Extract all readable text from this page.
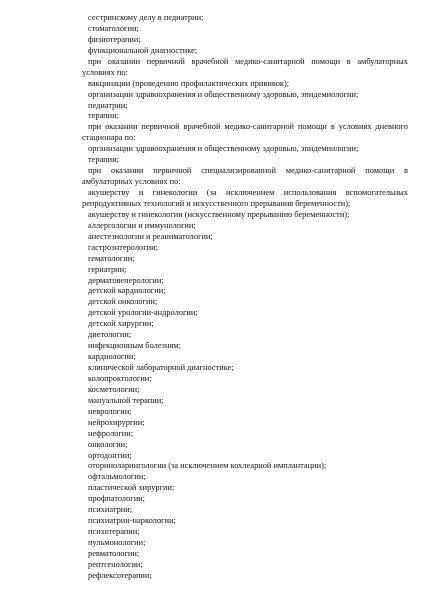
сестринскому делу в педиатрии;
стоматологии;
физиотерапии;
функциональной диагностике;
при оказании первичной врачебной медико-санитарной помощи в амбулаторных
условиях по:
вакцинации (проведению профилактических прививок);
организации здравоохранения и общественному здоровью, эпидемиологии;
педиатрии;
терапии;
при оказании первичной врачебной медико-санитарной помощи в условиях дневного
стационара по:
организации здравоохранения и общественному здоровью, эпидемиологии;
терапии;
при оказании первичной специализированной медико-санитарной помощи в
амбулаторных условиях по:
акушерству и гинекологии (за исключением использования вспомогательных
репродуктивных технологий и искусственного прерывания беременности);
акушерству и гинекологии (искусственному прерыванию беременности);
аллергологии и иммунологии;
анестезиологии и реаниматологии;
гастроэнтерологии;
гематологии;
гериатрии;
дерматовенерологии;
детской кардиологии;
детской онкологии;
детской урологии-андрологии;
детской хирургии;
диетологии;
инфекционным болезням;
кардиологии;
клинической лабораторной диагностике;
колопроктологии;
косметологии;
мануальной терапии;
неврологии;
нейрохирургии;
нефрологии;
онкологии;
ортодонтии;
оториноларингологии (за исключением кохлеарной имплантации);
офтальмологии;
пластической хирургии;
профпатологии;
психиатрии;
психиатрии-наркологии;
психотерапии;
пульмонологии;
ревматологии;
рентгенологии;
рефлексотерапии;
